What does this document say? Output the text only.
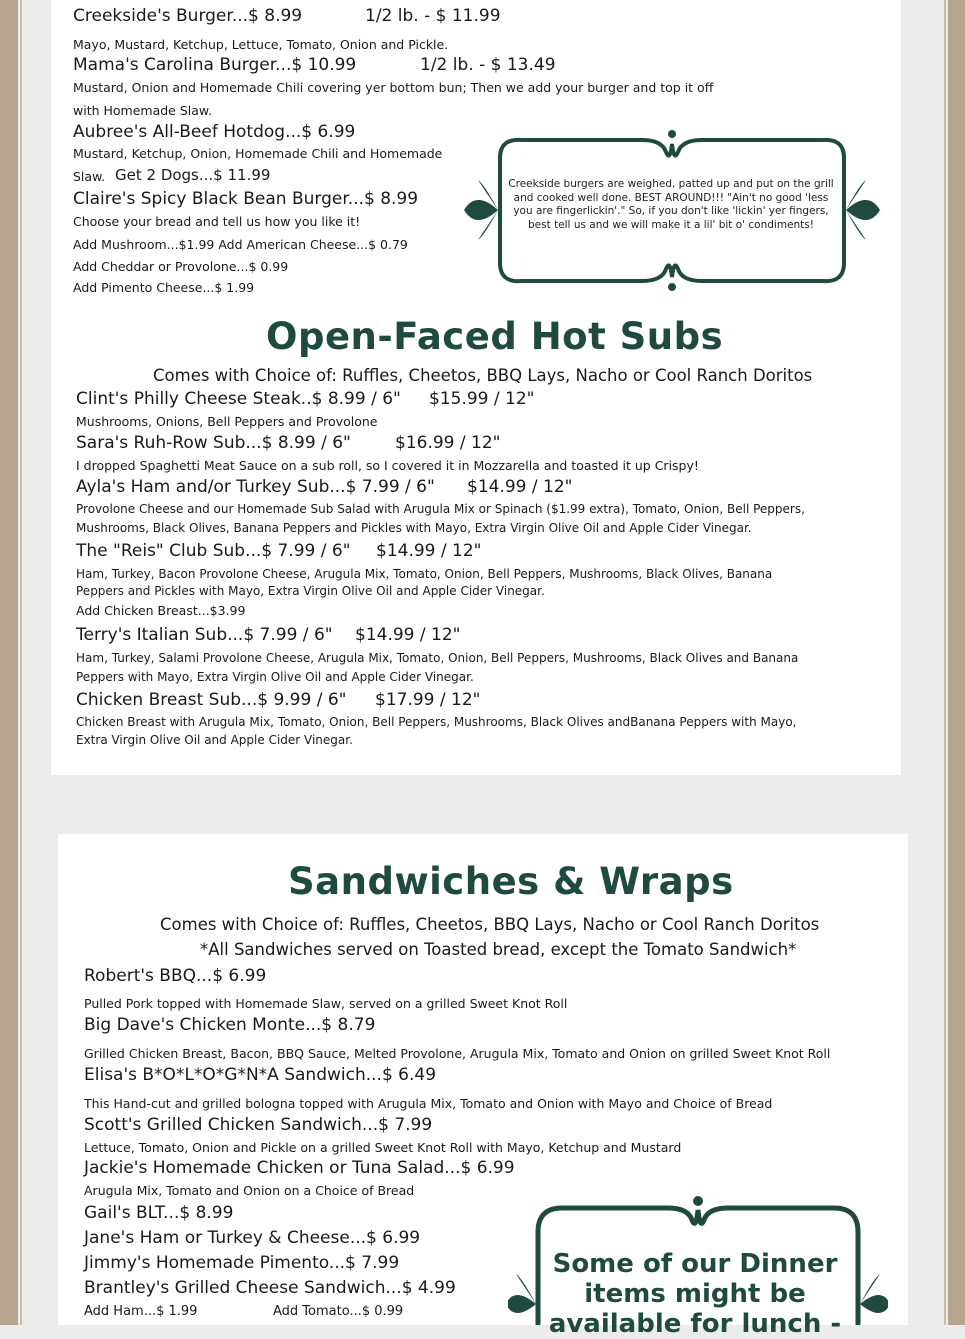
Creekside's Burger...$ 8.99	1/2 lb. - $ 11.99
Mayo, Mustard, Ketchup, Lettuce, Tomato, Onion and Pickle.
Mama's Carolina Burger...$ 10.99	1/2 lb. - $ 13.49
Mustard, Onion and Homemade Chili covering yer bottom bun; Then we add your burger and top it off
with Homemade Slaw.
Aubree's All-Beef Hotdog...$ 6.99
Mustard, Ketchup, Onion, Homemade Chili and Homemade
Slaw. Get 2 Dogs...$ 11.99
Claire's Spicy Black Bean Burger...$ 8.99
Choose your bread and tell us how you like it!
Add Mushroom...$1.99 Add American Cheese...$ 0.79
Add Cheddar or Provolone...$ 0.99
Add Pimento Cheese...$ 1.99
Creekside burgers are weighed, patted up and put on the grill and cooked well done. BEST AROUND!!! "Ain't no good 'less you are fingerlickin'." So, if you don't like 'lickin' yer fingers, best tell us and we will make it a lil' bit o' condiments!
Open-Faced Hot Subs
Comes with Choice of: Ruffles, Cheetos, BBQ Lays, Nacho or Cool Ranch Doritos
Clint's Philly Cheese Steak..$ 8.99 / 6" $15.99 / 12"
Mushrooms, Onions, Bell Peppers and Provolone
Sara's Ruh-Row Sub...$ 8.99 / 6"	$16.99 / 12"
I dropped Spaghetti Meat Sauce on a sub roll, so I covered it in Mozzarella and toasted it up Crispy!
Ayla's Ham and/or Turkey Sub...$ 7.99 / 6" $14.99 / 12"
Provolone Cheese and our Homemade Sub Salad with Arugula Mix or Spinach ($1.99 extra), Tomato, Onion, Bell Peppers,
Mushrooms, Black Olives, Banana Peppers and Pickles with Mayo, Extra Virgin Olive Oil and Apple Cider Vinegar.
The "Reis" Club Sub...$ 7.99 / 6" $14.99 / 12"
Ham, Turkey, Bacon Provolone Cheese, Arugula Mix, Tomato, Onion, Bell Peppers, Mushrooms, Black Olives, Banana
Peppers and Pickles with Mayo, Extra Virgin Olive Oil and Apple Cider Vinegar.
Add Chicken Breast...$3.99
Terry's Italian Sub...$ 7.99 / 6" $14.99 / 12"
Ham, Turkey, Salami Provolone Cheese, Arugula Mix, Tomato, Onion, Bell Peppers, Mushrooms, Black Olives and Banana
Peppers with Mayo, Extra Virgin Olive Oil and Apple Cider Vinegar.
Chicken Breast Sub...$ 9.99 / 6" $17.99 / 12"
Chicken Breast with Arugula Mix, Tomato, Onion, Bell Peppers, Mushrooms, Black Olives andBanana Peppers with Mayo,
Extra Virgin Olive Oil and Apple Cider Vinegar.
Sandwiches & Wraps
Comes with Choice of: Ruffles, Cheetos, BBQ Lays, Nacho or Cool Ranch Doritos
*All Sandwiches served on Toasted bread, except the Tomato Sandwich*
Robert's BBQ...$ 6.99
Pulled Pork topped with Homemade Slaw, served on a grilled Sweet Knot Roll
Big Dave's Chicken Monte...$ 8.79
Grilled Chicken Breast, Bacon, BBQ Sauce, Melted Provolone, Arugula Mix, Tomato and Onion on grilled Sweet Knot Roll
Elisa's B*O*L*O*G*N*A Sandwich...$ 6.49
This Hand-cut and grilled bologna topped with Arugula Mix, Tomato and Onion with Mayo and Choice of Bread
Scott's Grilled Chicken Sandwich...$ 7.99
Lettuce, Tomato, Onion and Pickle on a grilled Sweet Knot Roll with Mayo, Ketchup and Mustard
Jackie's Homemade Chicken or Tuna Salad...$ 6.99
Arugula Mix, Tomato and Onion on a Choice of Bread
Gail's BLT...$ 8.99
Jane's Ham or Turkey & Cheese...$ 6.99
Jimmy's Homemade Pimento...$ 7.99
Brantley's Grilled Cheese Sandwich...$ 4.99
Add Ham...$ 1.99	Add Tomato...$ 0.99
Some of our Dinner items might be available for lunch -
